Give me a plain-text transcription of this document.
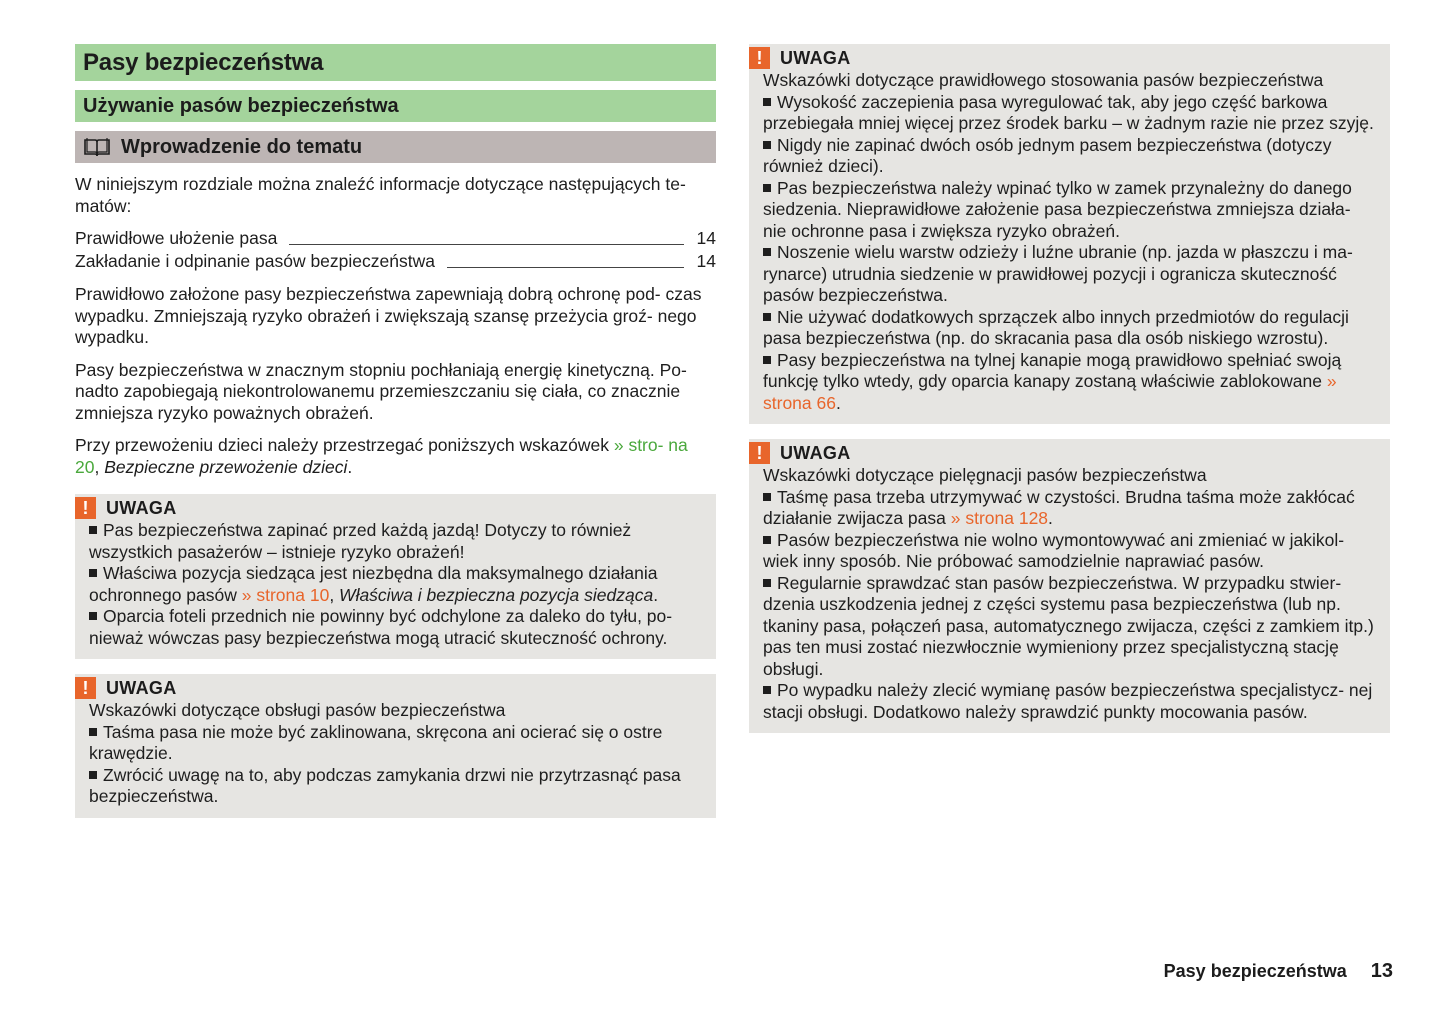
Pasy bezpieczeństwa
Używanie pasów bezpieczeństwa
Wprowadzenie do tematu

W niniejszym rozdziale można znaleźć informacje dotyczące następujących te- matów:

Prawidłowe ułożenie pasa	14
Zakładanie i odpinanie pasów bezpieczeństwa	14

Prawidłowo założone pasy bezpieczeństwa zapewniają dobrą ochronę pod- czas wypadku. Zmniejszają ryzyko obrażeń i zwiększają szansę przeżycia groź- nego wypadku.

Pasy bezpieczeństwa w znacznym stopniu pochłaniają energię kinetyczną. Po- nadto zapobiegają niekontrolowanemu przemieszczaniu się ciała, co znacznie zmniejsza ryzyko poważnych obrażeń.

Przy przewożeniu dzieci należy przestrzegać poniższych wskazówek » stro- na 20, Bezpieczne przewożenie dzieci.

! UWAGA
Pas bezpieczeństwa zapinać przed każdą jazdą! Dotyczy to również wszystkich pasażerów – istnieje ryzyko obrażeń!
Właściwa pozycja siedząca jest niezbędna dla maksymalnego działania ochronnego pasów » strona 10, Właściwa i bezpieczna pozycja siedząca.
Oparcia foteli przednich nie powinny być odchylone za daleko do tyłu, po- nieważ wówczas pasy bezpieczeństwa mogą utracić skuteczność ochrony.
! UWAGA
Wskazówki dotyczące obsługi pasów bezpieczeństwa
Taśma pasa nie może być zaklinowana, skręcona ani ocierać się o ostre krawędzie.
Zwrócić uwagę na to, aby podczas zamykania drzwi nie przytrzasnąć pasa bezpieczeństwa.
! UWAGA
Wskazówki dotyczące prawidłowego stosowania pasów bezpieczeństwa
Wysokość zaczepienia pasa wyregulować tak, aby jego część barkowa przebiegała mniej więcej przez środek barku – w żadnym razie nie przez szyję.
Nigdy nie zapinać dwóch osób jednym pasem bezpieczeństwa (dotyczy również dzieci).
Pas bezpieczeństwa należy wpinać tylko w zamek przynależny do danego siedzenia. Nieprawidłowe założenie pasa bezpieczeństwa zmniejsza działa- nie ochronne pasa i zwiększa ryzyko obrażeń.
Noszenie wielu warstw odzieży i luźne ubranie (np. jazda w płaszczu i ma- rynarce) utrudnia siedzenie w prawidłowej pozycji i ogranicza skuteczność pasów bezpieczeństwa.
Nie używać dodatkowych sprzączek albo innych przedmiotów do regulacji pasa bezpieczeństwa (np. do skracania pasa dla osób niskiego wzrostu).
Pasy bezpieczeństwa na tylnej kanapie mogą prawidłowo spełniać swoją funkcję tylko wtedy, gdy oparcia kanapy zostaną właściwie zablokowane » strona 66.
! UWAGA
Wskazówki dotyczące pielęgnacji pasów bezpieczeństwa
Taśmę pasa trzeba utrzymywać w czystości. Brudna taśma może zakłócać działanie zwijacza pasa » strona 128.
Pasów bezpieczeństwa nie wolno wymontowywać ani zmieniać w jakikol- wiek inny sposób. Nie próbować samodzielnie naprawiać pasów.
Regularnie sprawdzać stan pasów bezpieczeństwa. W przypadku stwier- dzenia uszkodzenia jednej z części systemu pasa bezpieczeństwa (lub np. tkaniny pasa, połączeń pasa, automatycznego zwijacza, części z zamkiem itp.) pas ten musi zostać niezwłocznie wymieniony przez specjalistyczną stację obsługi.
Po wypadku należy zlecić wymianę pasów bezpieczeństwa specjalistycz- nej stacji obsługi. Dodatkowo należy sprawdzić punkty mocowania pasów.
Pasy bezpieczeństwa 13
